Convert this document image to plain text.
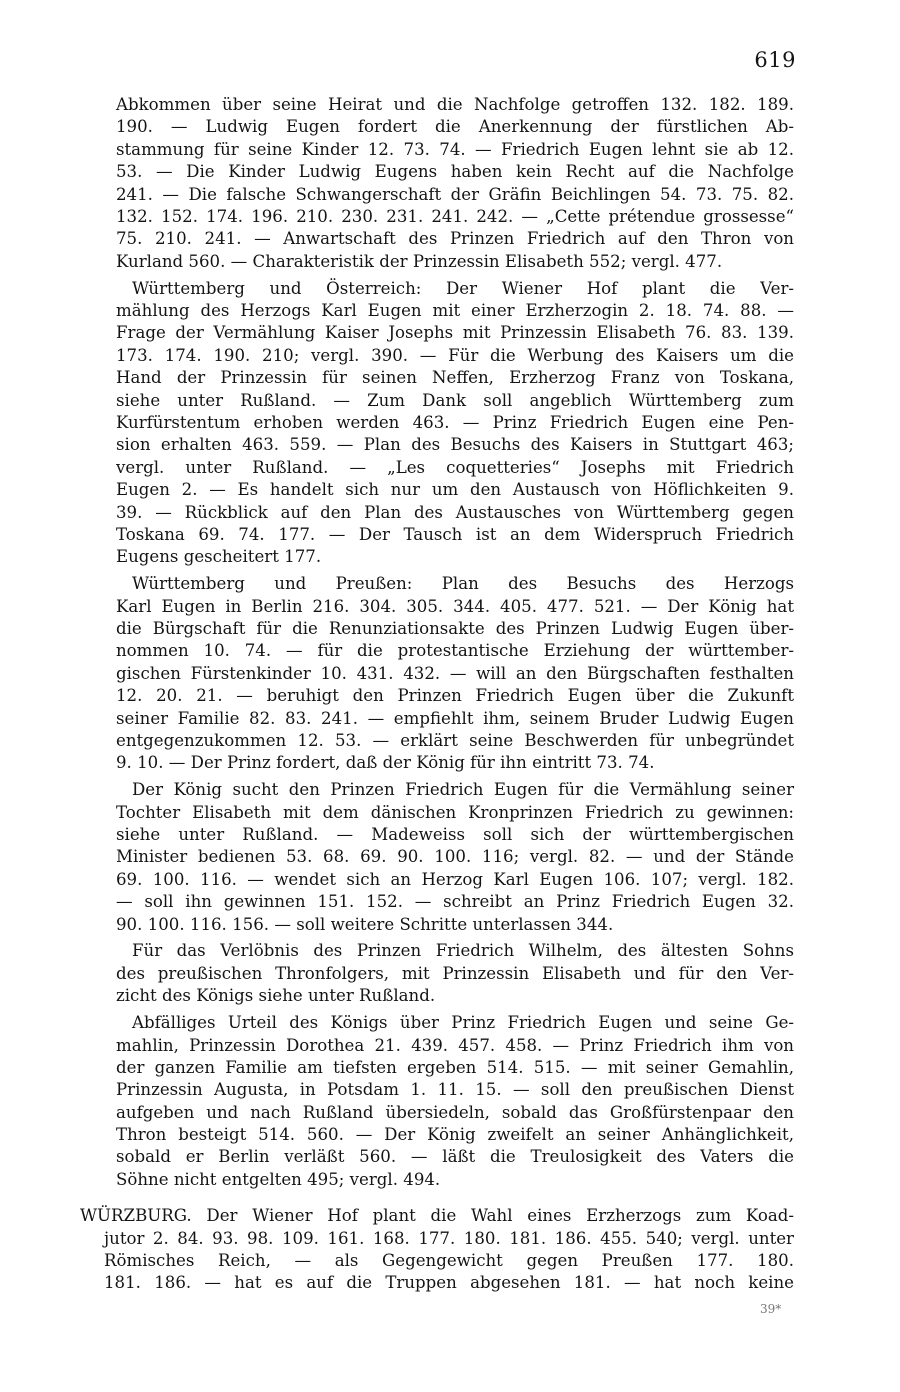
619
Abkommen über seine Heirat und die Nachfolge getroffen 132. 182. 189.
190. — Ludwig Eugen fordert die Anerkennung der fürstlichen Ab-
stammung für seine Kinder 12. 73. 74. — Friedrich Eugen lehnt sie ab 12.
53. — Die Kinder Ludwig Eugens haben kein Recht auf die Nachfolge
241. — Die falsche Schwangerschaft der Gräfin Beichlingen 54. 73. 75. 82.
132. 152. 174. 196. 210. 230. 231. 241. 242. — „Cette prétendue grossesse“
75. 210. 241. — Anwartschaft des Prinzen Friedrich auf den Thron von
Kurland 560. — Charakteristik der Prinzessin Elisabeth 552; vergl. 477.
Württemberg und Österreich: Der Wiener Hof plant die Ver-
mählung des Herzogs Karl Eugen mit einer Erzherzogin 2. 18. 74. 88. —
Frage der Vermählung Kaiser Josephs mit Prinzessin Elisabeth 76. 83. 139.
173. 174. 190. 210; vergl. 390. — Für die Werbung des Kaisers um die
Hand der Prinzessin für seinen Neffen, Erzherzog Franz von Toskana,
siehe unter Rußland. — Zum Dank soll angeblich Württemberg zum
Kurfürstentum erhoben werden 463. — Prinz Friedrich Eugen eine Pen-
sion erhalten 463. 559. — Plan des Besuchs des Kaisers in Stuttgart 463;
vergl. unter Rußland. — „Les coquetteries“ Josephs mit Friedrich
Eugen 2. — Es handelt sich nur um den Austausch von Höflichkeiten 9.
39. — Rückblick auf den Plan des Austausches von Württemberg gegen
Toskana 69. 74. 177. — Der Tausch ist an dem Widerspruch Friedrich
Eugens gescheitert 177.
Württemberg und Preußen: Plan des Besuchs des Herzogs
Karl Eugen in Berlin 216. 304. 305. 344. 405. 477. 521. — Der König hat
die Bürgschaft für die Renunziationsakte des Prinzen Ludwig Eugen über-
nommen 10. 74. — für die protestantische Erziehung der württember-
gischen Fürstenkinder 10. 431. 432. — will an den Bürgschaften festhalten
12. 20. 21. — beruhigt den Prinzen Friedrich Eugen über die Zukunft
seiner Familie 82. 83. 241. — empfiehlt ihm, seinem Bruder Ludwig Eugen
entgegenzukommen 12. 53. — erklärt seine Beschwerden für unbegründet
9. 10. — Der Prinz fordert, daß der König für ihn eintritt 73. 74.
Der König sucht den Prinzen Friedrich Eugen für die Vermählung seiner
Tochter Elisabeth mit dem dänischen Kronprinzen Friedrich zu gewinnen:
siehe unter Rußland. — Madeweiss soll sich der württembergischen
Minister bedienen 53. 68. 69. 90. 100. 116; vergl. 82. — und der Stände
69. 100. 116. — wendet sich an Herzog Karl Eugen 106. 107; vergl. 182.
— soll ihn gewinnen 151. 152. — schreibt an Prinz Friedrich Eugen 32.
90. 100. 116. 156. — soll weitere Schritte unterlassen 344.
Für das Verlöbnis des Prinzen Friedrich Wilhelm, des ältesten Sohns
des preußischen Thronfolgers, mit Prinzessin Elisabeth und für den Ver-
zicht des Königs siehe unter Rußland.
Abfälliges Urteil des Königs über Prinz Friedrich Eugen und seine Ge-
mahlin, Prinzessin Dorothea 21. 439. 457. 458. — Prinz Friedrich ihm von
der ganzen Familie am tiefsten ergeben 514. 515. — mit seiner Gemahlin,
Prinzessin Augusta, in Potsdam 1. 11. 15. — soll den preußischen Dienst
aufgeben und nach Rußland übersiedeln, sobald das Großfürstenpaar den
Thron besteigt 514. 560. — Der König zweifelt an seiner Anhänglichkeit,
sobald er Berlin verläßt 560. — läßt die Treulosigkeit des Vaters die
Söhne nicht entgelten 495; vergl. 494.
WÜRZBURG. Der Wiener Hof plant die Wahl eines Erzherzogs zum Koad-
jutor 2. 84. 93. 98. 109. 161. 168. 177. 180. 181. 186. 455. 540; vergl. unter
Römisches Reich, — als Gegengewicht gegen Preußen 177. 180.
181. 186. — hat es auf die Truppen abgesehen 181. — hat noch keine
39*
